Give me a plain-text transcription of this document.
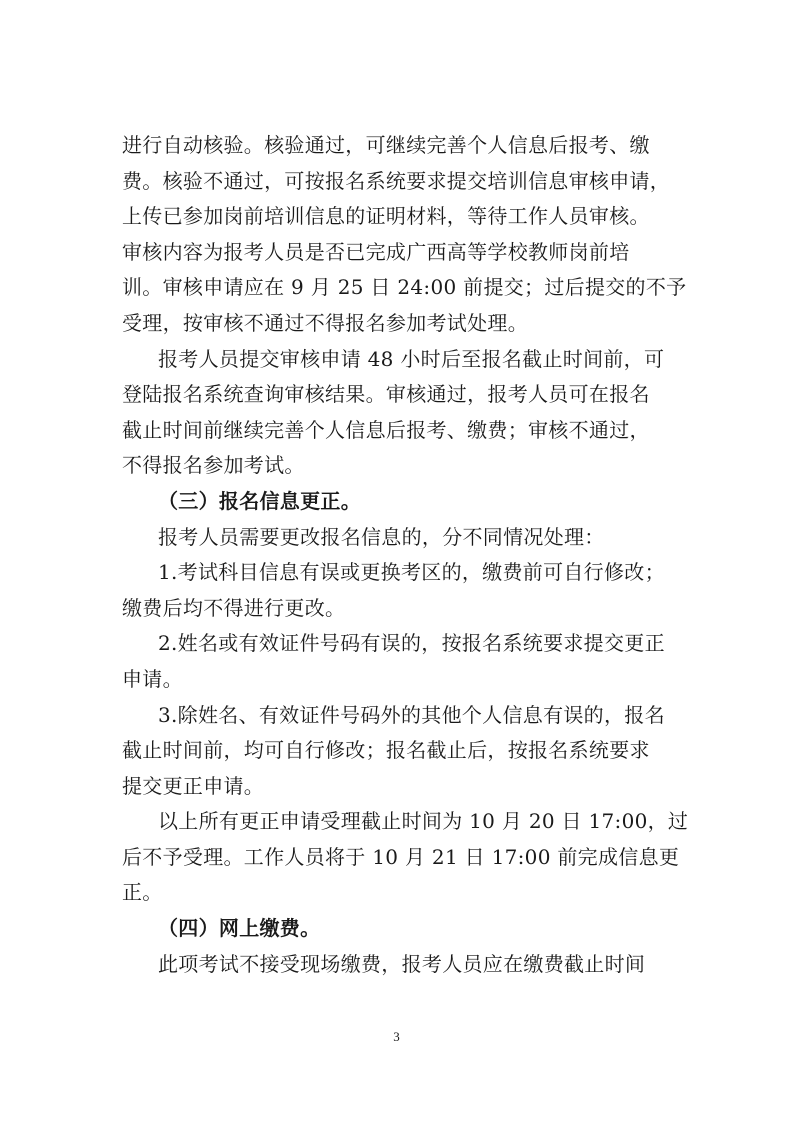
进行自动核验。核验通过，可继续完善个人信息后报考、缴
费。核验不通过，可按报名系统要求提交培训信息审核申请，
上传已参加岗前培训信息的证明材料，等待工作人员审核。
审核内容为报考人员是否已完成广西高等学校教师岗前培
训。审核申请应在 9 月 25 日 24:00 前提交；过后提交的不予
受理，按审核不通过不得报名参加考试处理。
报考人员提交审核申请 48 小时后至报名截止时间前，可
登陆报名系统查询审核结果。审核通过，报考人员可在报名
截止时间前继续完善个人信息后报考、缴费；审核不通过，
不得报名参加考试。
（三）报名信息更正。
报考人员需要更改报名信息的，分不同情况处理：
1.考试科目信息有误或更换考区的，缴费前可自行修改；
缴费后均不得进行更改。
2.姓名或有效证件号码有误的，按报名系统要求提交更正
申请。
3.除姓名、有效证件号码外的其他个人信息有误的，报名
截止时间前，均可自行修改；报名截止后，按报名系统要求
提交更正申请。
以上所有更正申请受理截止时间为 10 月 20 日 17:00，过
后不予受理。工作人员将于 10 月 21 日 17:00 前完成信息更
正。
（四）网上缴费。
此项考试不接受现场缴费，报考人员应在缴费截止时间
3
